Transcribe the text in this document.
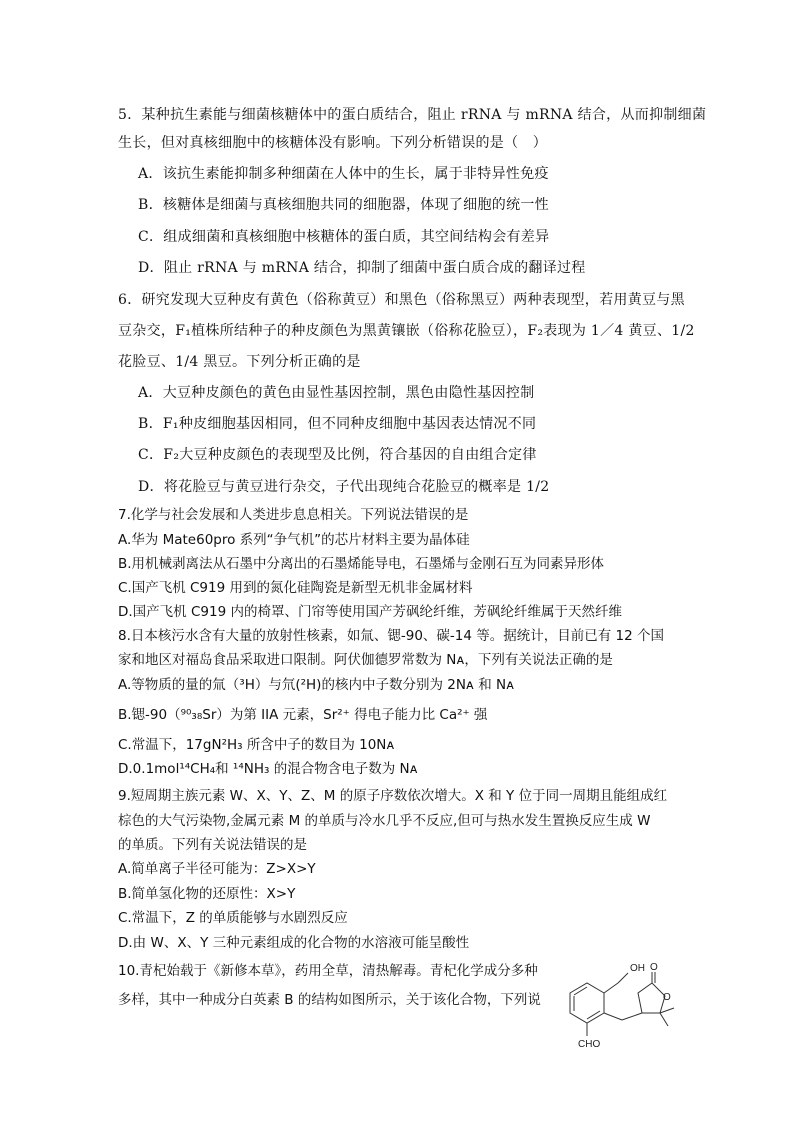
OH O
O
CHO
5．某种抗生素能与细菌核糖体中的蛋白质结合，阻止 rRNA 与 mRNA 结合，从而抑制细菌
生长，但对真核细胞中的核糖体没有影响。下列分析错误的是（　）
A．该抗生素能抑制多种细菌在人体中的生长，属于非特异性免疫
B．核糖体是细菌与真核细胞共同的细胞器，体现了细胞的统一性
C．组成细菌和真核细胞中核糖体的蛋白质，其空间结构会有差异
D．阻止 rRNA 与 mRNA 结合，抑制了细菌中蛋白质合成的翻译过程
6．研究发现大豆种皮有黄色（俗称黄豆）和黑色（俗称黑豆）两种表现型，若用黄豆与黑
豆杂交，F₁植株所结种子的种皮颜色为黑黄镶嵌（俗称花脸豆），F₂表现为 1／4 黄豆、1/2
花脸豆、1/4 黑豆。下列分析正确的是
A．大豆种皮颜色的黄色由显性基因控制，黑色由隐性基因控制
B．F₁种皮细胞基因相同，但不同种皮细胞中基因表达情况不同
C．F₂大豆种皮颜色的表现型及比例，符合基因的自由组合定律
D．将花脸豆与黄豆进行杂交，子代出现纯合花脸豆的概率是 1/2
7.化学与社会发展和人类进步息息相关。下列说法错误的是
A.华为 Mate60pro 系列“争气机”的芯片材料主要为晶体硅
B.用机械剥离法从石墨中分离出的石墨烯能导电，石墨烯与金刚石互为同素异形体
C.国产飞机 C919 用到的氮化硅陶瓷是新型无机非金属材料
D.国产飞机 C919 内的椅罩、门帘等使用国产芳砜纶纤维，芳砜纶纤维属于天然纤维
8.日本核污水含有大量的放射性核素，如氚、锶-90、碳-14 等。据统计，目前已有 12 个国
家和地区对福岛食品采取进口限制。阿伏伽德罗常数为 Nᴀ，下列有关说法正确的是
A.等物质的量的氚（³H）与氘(²H)的核内中子数分别为 2Nᴀ 和 Nᴀ
B.锶-90（⁹⁰₃₈Sr）为第 IIA 元素，Sr²⁺ 得电子能力比 Ca²⁺ 强
C.常温下，17gN²H₃ 所含中子的数目为 10Nᴀ
D.0.1mol¹⁴CH₄和 ¹⁴NH₃ 的混合物含电子数为 Nᴀ
9.短周期主族元素 W、X、Y、Z、M 的原子序数依次增大。X 和 Y 位于同一周期且能组成红
棕色的大气污染物,金属元素 M 的单质与冷水几乎不反应,但可与热水发生置换反应生成 W
的单质。下列有关说法错误的是
A.简单离子半径可能为：Z>X>Y
B.简单氢化物的还原性：X>Y
C.常温下，Z 的单质能够与水剧烈反应
D.由 W、X、Y 三种元素组成的化合物的水溶液可能呈酸性
10.青杞始载于《新修本草》，药用全草，清热解毒。青杞化学成分多种
多样，其中一种成分白英素 B 的结构如图所示，关于该化合物，下列说
